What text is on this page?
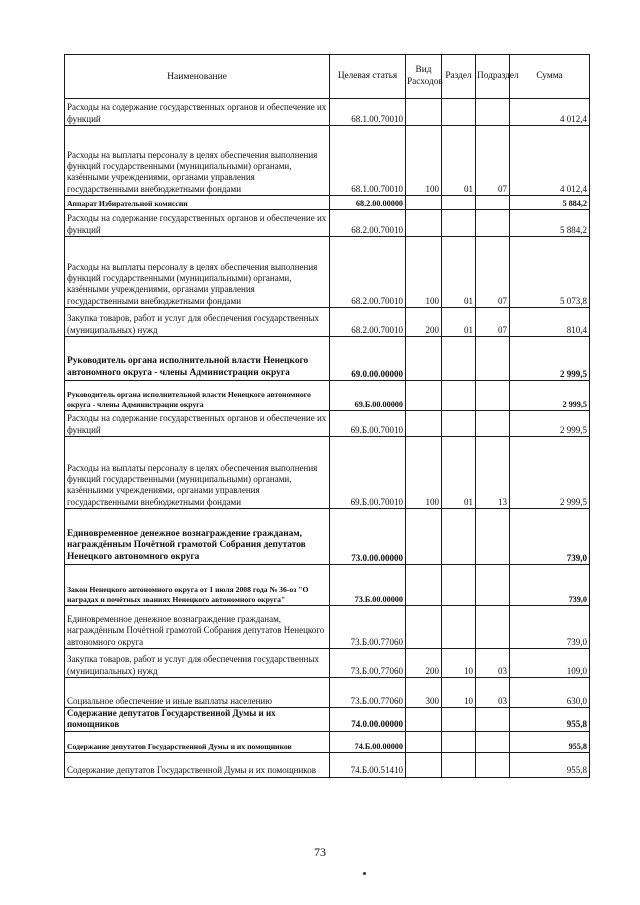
Наименование	Целевая статья	Вид Расходов	Раздел	Подраздел	Сумма
Расходы на содержание государственных органов и обеспечение их функций	68.1.00.70010				4 012,4
Расходы на выплаты персоналу в целях обеспечения выполнения функций государственными (муниципальными) органами, казёнными учреждениями, органами управления государственными внебюджетными фондами	68.1.00.70010	100	01	07	4 012,4
Аппарат Избирательной комиссии	68.2.00.00000				5 884,2
Расходы на содержание государственных органов и обеспечение их функций	68.2.00.70010				5 884,2
Расходы на выплаты персоналу в целях обеспечения выполнения функций государственными (муниципальными) органами, казёнными учреждениями, органами управления государственными внебюджетными фондами	68.2.00.70010	100	01	07	5 073,8
Закупка товаров, работ и услуг для обеспечения государственных (муниципальных) нужд	68.2.00.70010	200	01	07	810,4
Руководитель органа исполнительной власти Ненецкого автономного округа - члены Администрации округа	69.0.00.00000				2 999,5
Руководитель органа исполнительной власти Ненецкого автономного округа - члены Администрации округа	69.Б.00.00000				2 999,5
Расходы на содержание государственных органов и обеспечение их функций	69.Б.00.70010				2 999,5
Расходы на выплаты персоналу в целях обеспечения выполнения функций государственными (муниципальными) органами, казённыими учреждениями, органами управления государственными внебюджетными фондами	69.Б.00.70010	100	01	13	2 999,5
Единовременное денежное вознаграждение гражданам, награждённым Почётной грамотой Собрания депутатов Ненецкого автономного округа	73.0.00.00000				739,0
Закон Ненецкого автономного округа от 1 июля 2008 года № 36-оз "О наградах и почётных званиях Ненецкого автономного округа"	73.Б.00.00000				739,0
Единовременное денежное вознаграждение гражданам, награждённым Почётной грамотой Собрания депутатов Ненецкого автономного округа	73.Б.00.77060				739,0
Закупка товаров, работ и услуг для обеспечения государственных (муниципальных) нужд	73.Б.00.77060	200	10	03	109,0
Социальное обеспечение и иные выплаты населению	73.Б.00.77060	300	10	03	630,0
Содержание депутатов Государственной Думы и их помощников	74.0.00.00000				955,8
Содержание депутатов Государственной Думы и их помощников	74.Б.00.00000				955,8
Содержание депутатов Государственной Думы и их помощников	74.Б.00.51410				955,8
73
